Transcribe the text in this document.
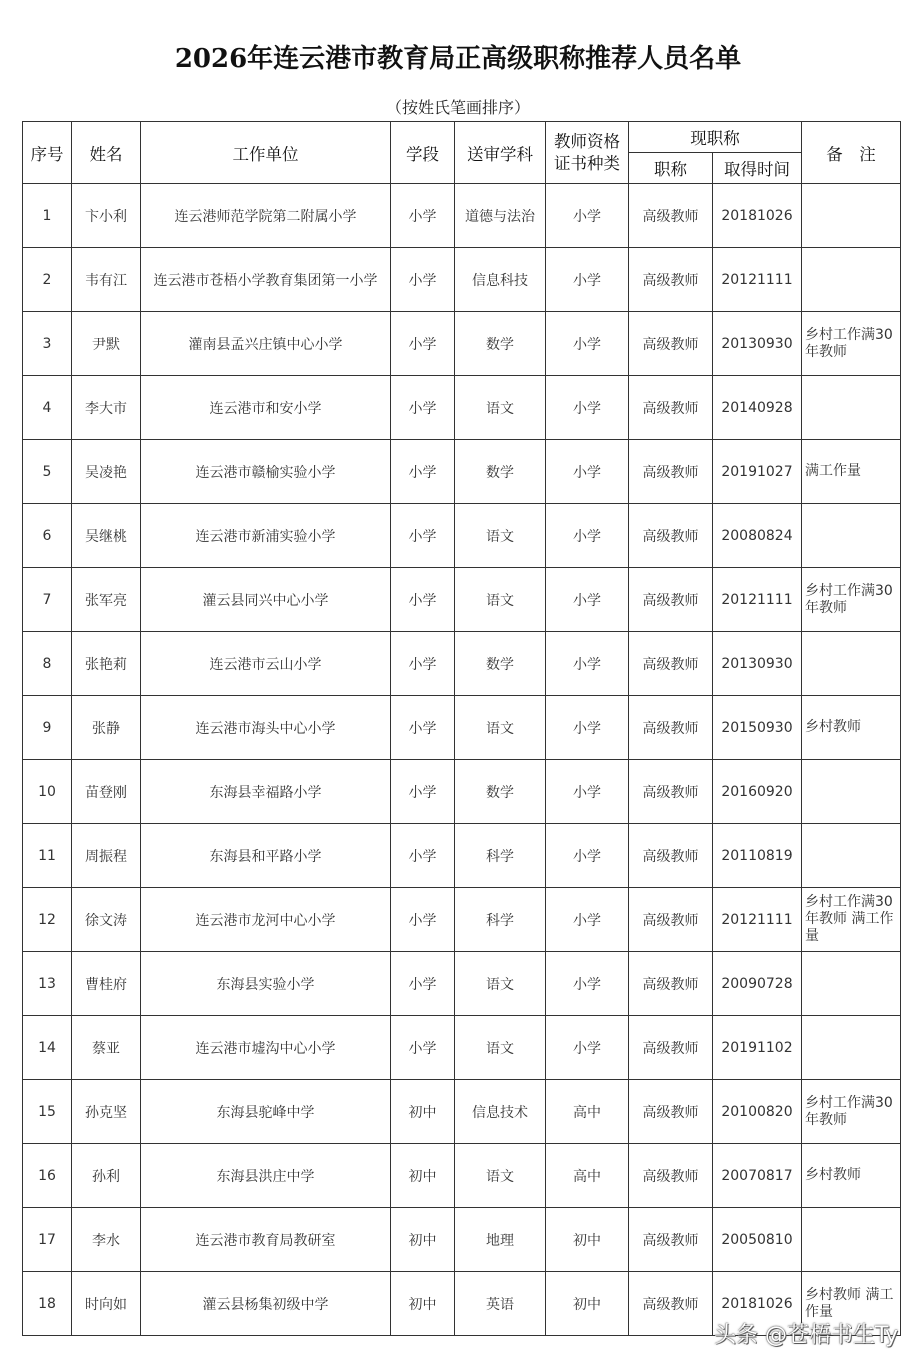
2026年连云港市教育局正高级职称推荐人员名单
（按姓氏笔画排序）
序号	姓名	工作单位	学段	送审学科	教师资格证书种类	现职称		备　注
						职称	取得时间	
1	卞小利	连云港师范学院第二附属小学	小学	道德与法治	小学	高级教师	20181026	
2	韦有江	连云港市苍梧小学教育集团第一小学	小学	信息科技	小学	高级教师	20121111	
3	尹默	灌南县孟兴庄镇中心小学	小学	数学	小学	高级教师	20130930	乡村工作满30年教师
4	李大市	连云港市和安小学	小学	语文	小学	高级教师	20140928	
5	吴凌艳	连云港市赣榆实验小学	小学	数学	小学	高级教师	20191027	满工作量
6	吴继桃	连云港市新浦实验小学	小学	语文	小学	高级教师	20080824	
7	张军亮	灌云县同兴中心小学	小学	语文	小学	高级教师	20121111	乡村工作满30年教师
8	张艳莉	连云港市云山小学	小学	数学	小学	高级教师	20130930	
9	张静	连云港市海头中心小学	小学	语文	小学	高级教师	20150930	乡村教师
10	苗登刚	东海县幸福路小学	小学	数学	小学	高级教师	20160920	
11	周振程	东海县和平路小学	小学	科学	小学	高级教师	20110819	
12	徐文涛	连云港市龙河中心小学	小学	科学	小学	高级教师	20121111	乡村工作满30年教师 满工作量
13	曹桂府	东海县实验小学	小学	语文	小学	高级教师	20090728	
14	蔡亚	连云港市墟沟中心小学	小学	语文	小学	高级教师	20191102	
15	孙克坚	东海县驼峰中学	初中	信息技术	高中	高级教师	20100820	乡村工作满30年教师
16	孙利	东海县洪庄中学	初中	语文	高中	高级教师	20070817	乡村教师
17	李水	连云港市教育局教研室	初中	地理	初中	高级教师	20050810	
18	时向如	灌云县杨集初级中学	初中	英语	初中	高级教师	20181026	乡村教师 满工作量
头条 @苍梧书生Ty
